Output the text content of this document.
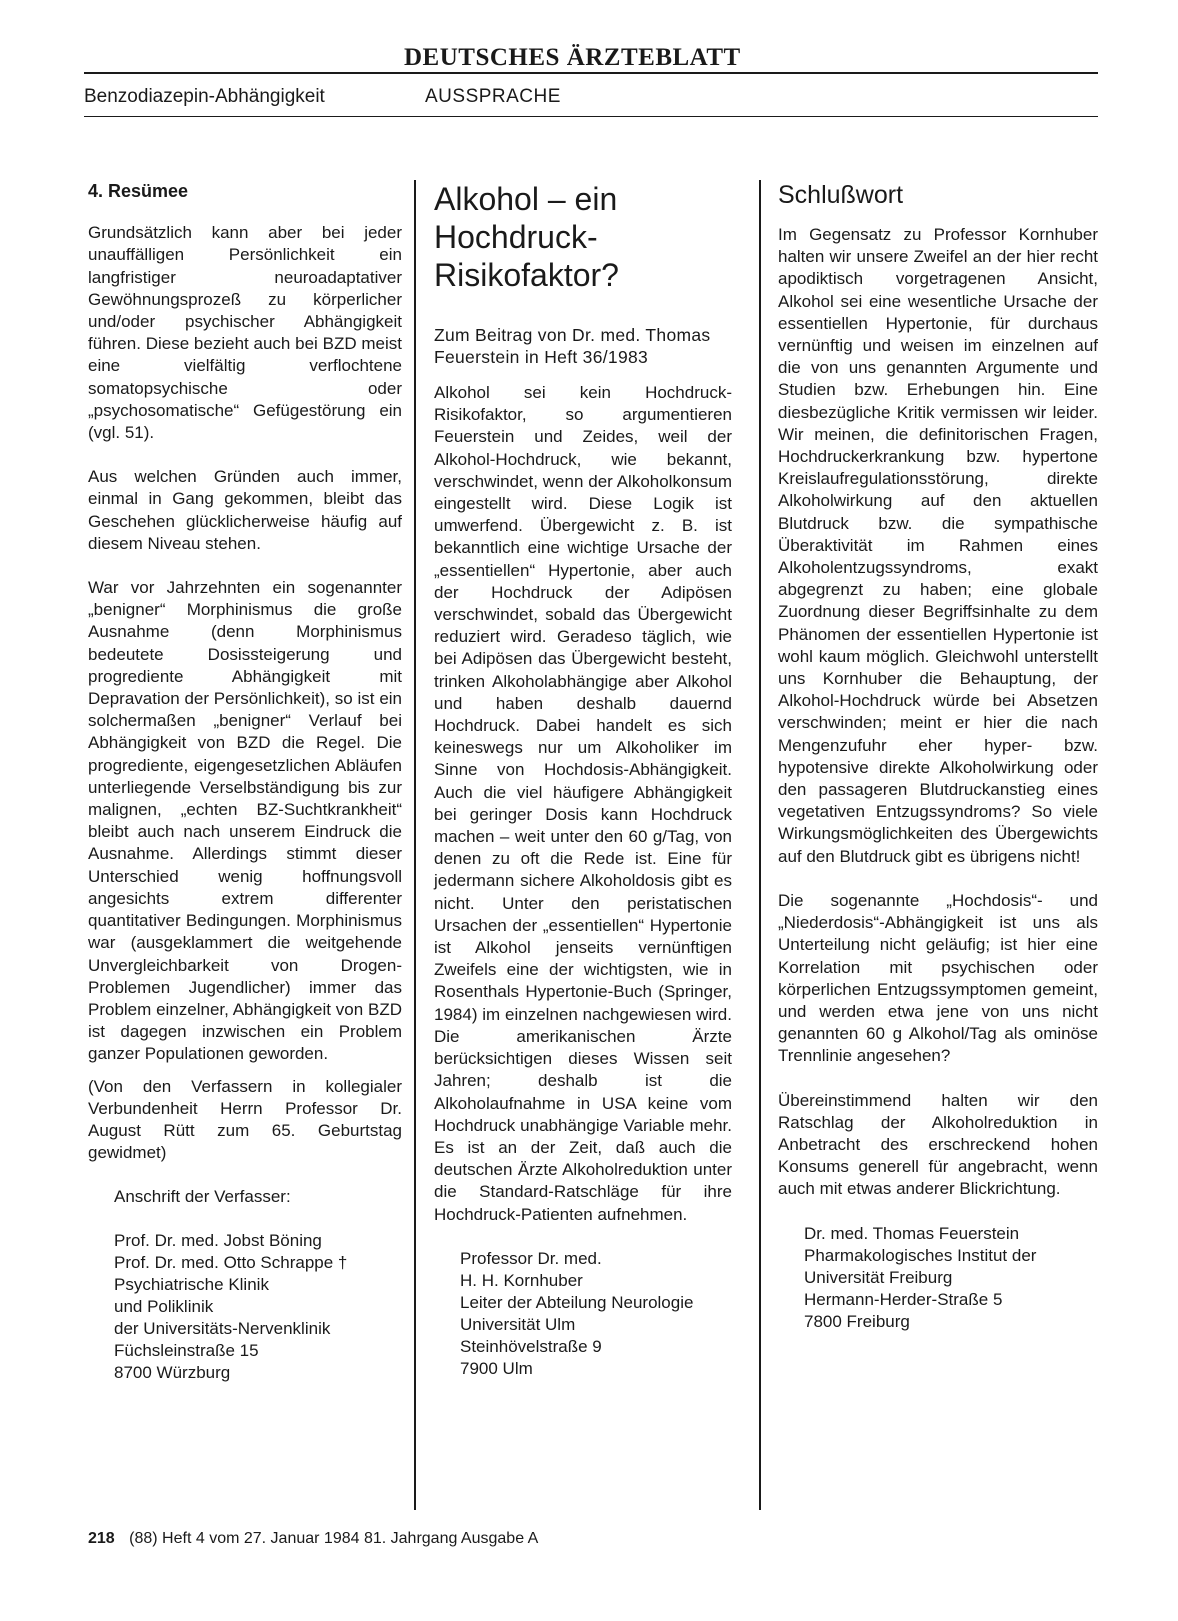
DEUTSCHES ÄRZTEBLATT
Benzodiazepin-Abhängigkeit	AUSSPRACHE
4. Resümee

Grundsätzlich kann aber bei jeder unauffälligen Persönlichkeit ein langfristiger neuroadaptativer Gewöhnungsprozeß zu körperlicher und/oder psychischer Abhängigkeit führen. Diese bezieht auch bei BZD meist eine vielfältig verflochtene somatopsychische oder „psychosomatische“ Gefügestörung ein (vgl. 51).

Aus welchen Gründen auch immer, einmal in Gang gekommen, bleibt das Geschehen glücklicherweise häufig auf diesem Niveau stehen.

War vor Jahrzehnten ein sogenannter „benigner“ Morphinismus die große Ausnahme (denn Morphinismus bedeutete Dosissteigerung und progrediente Abhängigkeit mit Depravation der Persönlichkeit), so ist ein solchermaßen „benigner“ Verlauf bei Abhängigkeit von BZD die Regel. Die progrediente, eigengesetzlichen Abläufen unterliegende Verselbständigung bis zur malignen, „echten BZ-Suchtkrankheit“ bleibt auch nach unserem Eindruck die Ausnahme. Allerdings stimmt dieser Unterschied wenig hoffnungsvoll angesichts extrem differenter quantitativer Bedingungen. Morphinismus war (ausgeklammert die weitgehende Unvergleichbarkeit von Drogen-Problemen Jugendlicher) immer das Problem einzelner, Abhängigkeit von BZD ist dagegen inzwischen ein Problem ganzer Populationen geworden.

(Von den Verfassern in kollegialer Verbundenheit Herrn Professor Dr. August Rütt zum 65. Geburtstag gewidmet)

Anschrift der Verfasser:
Prof. Dr. med. Jobst Böning
Prof. Dr. med. Otto Schrappe †
Psychiatrische Klinik
und Poliklinik
der Universitäts-Nervenklinik
Füchsleinstraße 15
8700 Würzburg
Alkohol – ein Hochdruck-Risikofaktor?
Zum Beitrag von Dr. med. Thomas Feuerstein in Heft 36/1983

Alkohol sei kein Hochdruck-Risikofaktor, so argumentieren Feuerstein und Zeides, weil der Alkohol-Hochdruck, wie bekannt, verschwindet, wenn der Alkoholkonsum eingestellt wird. Diese Logik ist umwerfend. Übergewicht z. B. ist bekanntlich eine wichtige Ursache der „essentiellen“ Hypertonie, aber auch der Hochdruck der Adipösen verschwindet, sobald das Übergewicht reduziert wird. Geradeso täglich, wie bei Adipösen das Übergewicht besteht, trinken Alkoholabhängige aber Alkohol und haben deshalb dauernd Hochdruck. Dabei handelt es sich keineswegs nur um Alkoholiker im Sinne von Hochdosis-Abhängigkeit. Auch die viel häufigere Abhängigkeit bei geringer Dosis kann Hochdruck machen – weit unter den 60 g/Tag, von denen zu oft die Rede ist. Eine für jedermann sichere Alkoholdosis gibt es nicht. Unter den peristatischen Ursachen der „essentiellen“ Hypertonie ist Alkohol jenseits vernünftigen Zweifels eine der wichtigsten, wie in Rosenthals Hypertonie-Buch (Springer, 1984) im einzelnen nachgewiesen wird. Die amerikanischen Ärzte berücksichtigen dieses Wissen seit Jahren; deshalb ist die Alkoholaufnahme in USA keine vom Hochdruck unabhängige Variable mehr. Es ist an der Zeit, daß auch die deutschen Ärzte Alkoholreduktion unter die Standard-Ratschläge für ihre Hochdruck-Patienten aufnehmen.

Professor Dr. med.
H. H. Kornhuber
Leiter der Abteilung Neurologie
Universität Ulm
Steinhövelstraße 9
7900 Ulm
Schlußwort

Im Gegensatz zu Professor Kornhuber halten wir unsere Zweifel an der hier recht apodiktisch vorgetragenen Ansicht, Alkohol sei eine wesentliche Ursache der essentiellen Hypertonie, für durchaus vernünftig und weisen im einzelnen auf die von uns genannten Argumente und Studien bzw. Erhebungen hin. Eine diesbezügliche Kritik vermissen wir leider. Wir meinen, die definitorischen Fragen, Hochdruckerkrankung bzw. hypertone Kreislaufregulationsstörung, direkte Alkoholwirkung auf den aktuellen Blutdruck bzw. die sympathische Überaktivität im Rahmen eines Alkoholentzugssyndroms, exakt abgegrenzt zu haben; eine globale Zuordnung dieser Begriffsinhalte zu dem Phänomen der essentiellen Hypertonie ist wohl kaum möglich. Gleichwohl unterstellt uns Kornhuber die Behauptung, der Alkohol-Hochdruck würde bei Absetzen verschwinden; meint er hier die nach Mengenzufuhr eher hyper- bzw. hypotensive direkte Alkoholwirkung oder den passageren Blutdruckanstieg eines vegetativen Entzugssyndroms? So viele Wirkungsmöglichkeiten des Übergewichts auf den Blutdruck gibt es übrigens nicht!

Die sogenannte „Hochdosis“- und „Niederdosis“-Abhängigkeit ist uns als Unterteilung nicht geläufig; ist hier eine Korrelation mit psychischen oder körperlichen Entzugssymptomen gemeint, und werden etwa jene von uns nicht genannten 60 g Alkohol/Tag als ominöse Trennlinie angesehen?

Übereinstimmend halten wir den Ratschlag der Alkoholreduktion in Anbetracht des erschreckend hohen Konsums generell für angebracht, wenn auch mit etwas anderer Blickrichtung.

Dr. med. Thomas Feuerstein
Pharmakologisches Institut der
Universität Freiburg
Hermann-Herder-Straße 5
7800 Freiburg
218 (88) Heft 4 vom 27. Januar 1984 81. Jahrgang Ausgabe A
